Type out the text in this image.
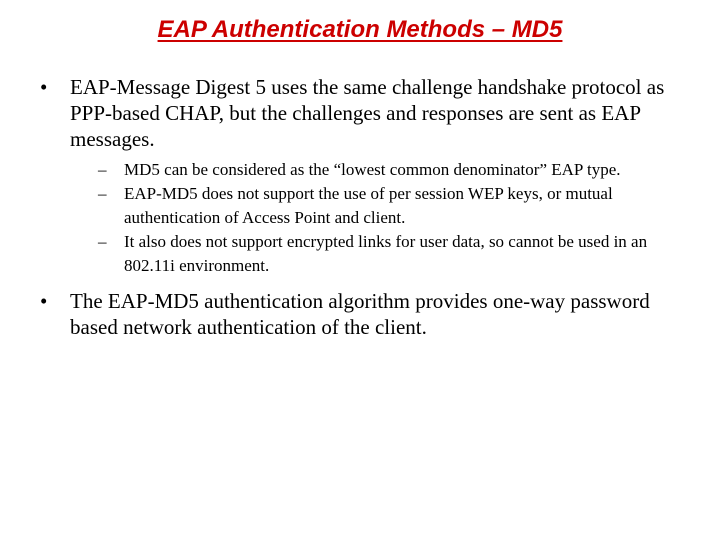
EAP Authentication Methods – MD5
•	EAP-Message Digest 5 uses the same challenge handshake protocol as PPP-based CHAP, but the challenges and responses are sent as EAP messages.
–	MD5 can be considered as the “lowest common denominator” EAP type.
–	EAP-MD5 does not support the use of per session WEP keys, or mutual authentication of Access Point and client.
–	It also does not support encrypted links for user data, so cannot be used in an 802.11i environment.
•	The EAP-MD5 authentication algorithm provides one-way password based network authentication of the client.
